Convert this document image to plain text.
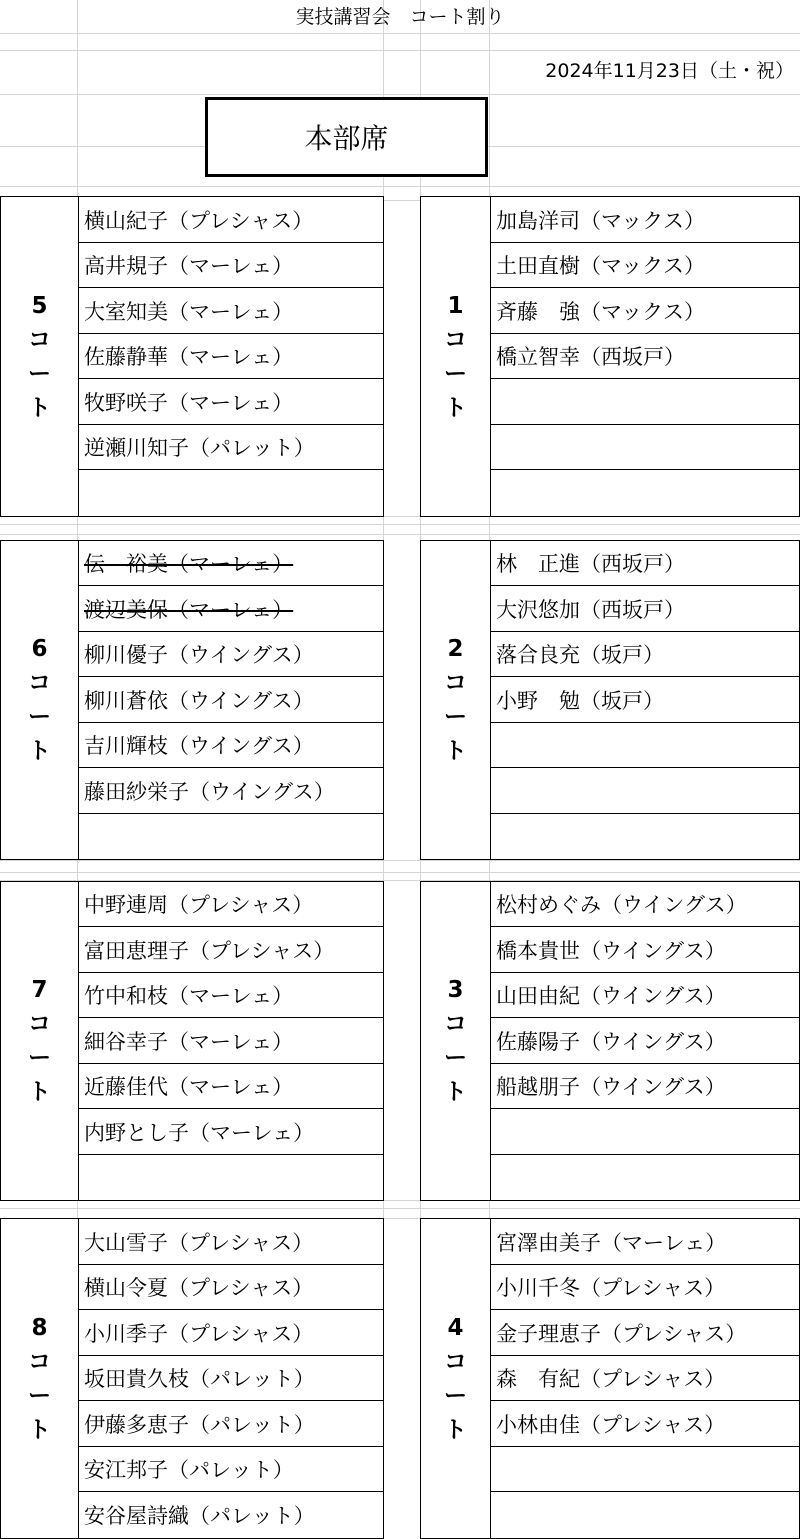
実技講習会　コート割り
2024年11月23日（土・祝）
本部席
5
コ
ー
ト
横山紀子（プレシャス）
高井規子（マーレェ）
大室知美（マーレェ）
佐藤静華（マーレェ）
牧野咲子（マーレェ）
逆瀬川知子（パレット）
1
コ
ー
ト
加島洋司（マックス）
土田直樹（マックス）
斉藤　強（マックス）
橋立智幸（西坂戸）
6
コ
ー
ト
伝　裕美（マーレェ）
渡辺美保（マーレェ）
柳川優子（ウイングス）
柳川蒼依（ウイングス）
吉川輝枝（ウイングス）
藤田紗栄子（ウイングス）
2
コ
ー
ト
林　正進（西坂戸）
大沢悠加（西坂戸）
落合良充（坂戸）
小野　勉（坂戸）
7
コ
ー
ト
中野連周（プレシャス）
富田恵理子（プレシャス）
竹中和枝（マーレェ）
細谷幸子（マーレェ）
近藤佳代（マーレェ）
内野とし子（マーレェ）
3
コ
ー
ト
松村めぐみ（ウイングス）
橋本貴世（ウイングス）
山田由紀（ウイングス）
佐藤陽子（ウイングス）
船越朋子（ウイングス）
8
コ
ー
ト
大山雪子（プレシャス）
横山令夏（プレシャス）
小川季子（プレシャス）
坂田貴久枝（パレット）
伊藤多恵子（パレット）
安江邦子（パレット）
安谷屋詩織（パレット）
4
コ
ー
ト
宮澤由美子（マーレェ）
小川千冬（プレシャス）
金子理恵子（プレシャス）
森　有紀（プレシャス）
小林由佳（プレシャス）
